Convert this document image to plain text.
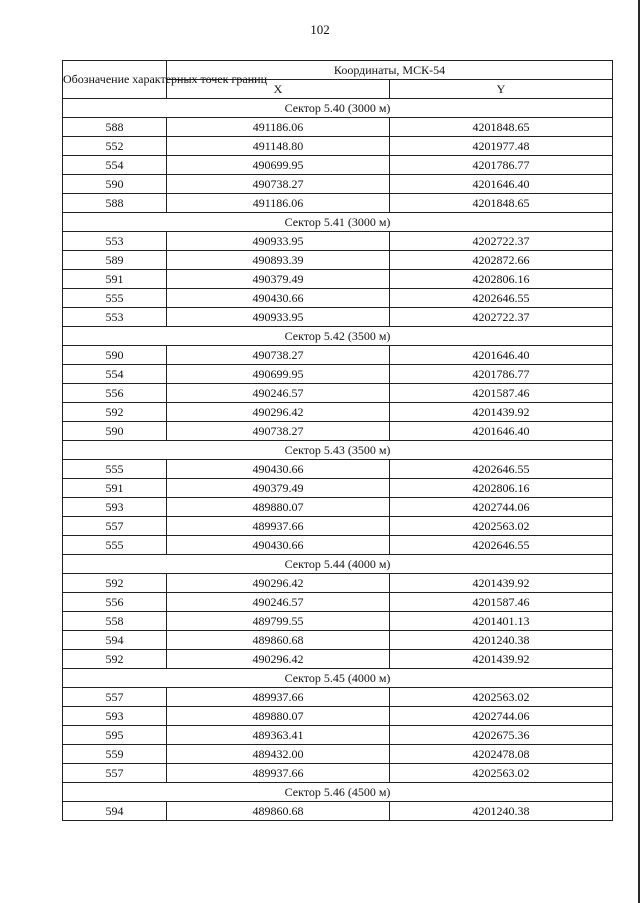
102
Обозначение характерных точек границ	Координаты, МСК-54	
	X	Y
Сектор 5.40 (3000 м)		
588	491186.06	4201848.65
552	491148.80	4201977.48
554	490699.95	4201786.77
590	490738.27	4201646.40
588	491186.06	4201848.65
Сектор 5.41 (3000 м)		
553	490933.95	4202722.37
589	490893.39	4202872.66
591	490379.49	4202806.16
555	490430.66	4202646.55
553	490933.95	4202722.37
Сектор 5.42 (3500 м)		
590	490738.27	4201646.40
554	490699.95	4201786.77
556	490246.57	4201587.46
592	490296.42	4201439.92
590	490738.27	4201646.40
Сектор 5.43 (3500 м)		
555	490430.66	4202646.55
591	490379.49	4202806.16
593	489880.07	4202744.06
557	489937.66	4202563.02
555	490430.66	4202646.55
Сектор 5.44 (4000 м)		
592	490296.42	4201439.92
556	490246.57	4201587.46
558	489799.55	4201401.13
594	489860.68	4201240.38
592	490296.42	4201439.92
Сектор 5.45 (4000 м)		
557	489937.66	4202563.02
593	489880.07	4202744.06
595	489363.41	4202675.36
559	489432.00	4202478.08
557	489937.66	4202563.02
Сектор 5.46 (4500 м)		
594	489860.68	4201240.38
